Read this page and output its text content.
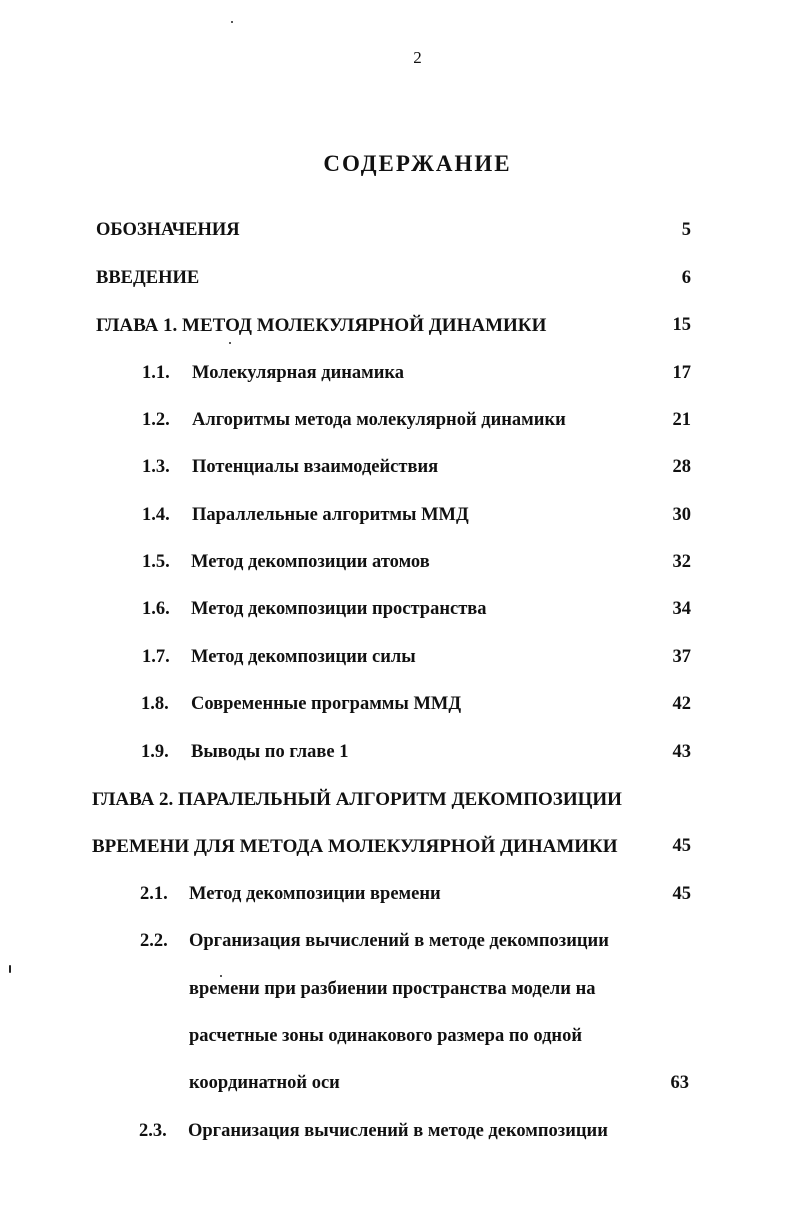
2
СОДЕРЖАНИЕ
ОБОЗНАЧЕНИЯ	5
ВВЕДЕНИЕ	6
ГЛАВА 1. МЕТОД МОЛЕКУЛЯРНОЙ ДИНАМИКИ	15
1.1. Молекулярная динамика	17
1.2. Алгоритмы метода молекулярной динамики	21
1.3. Потенциалы взаимодействия	28
1.4. Параллельные алгоритмы ММД	30
1.5. Метод декомпозиции атомов	32
1.6. Метод декомпозиции пространства	34
1.7. Метод декомпозиции силы	37
1.8. Современные программы ММД	42
1.9. Выводы по главе 1	43
ГЛАВА 2. ПАРАЛЕЛЬНЫЙ АЛГОРИТМ ДЕКОМПОЗИЦИИ
ВРЕМЕНИ ДЛЯ МЕТОДА МОЛЕКУЛЯРНОЙ ДИНАМИКИ	45
2.1. Метод декомпозиции времени	45
2.2. Организация вычислений в методе декомпозиции
времени при разбиении пространства модели на
расчетные зоны одинакового размера по одной
координатной оси	63
2.3. Организация вычислений в методе декомпозиции
